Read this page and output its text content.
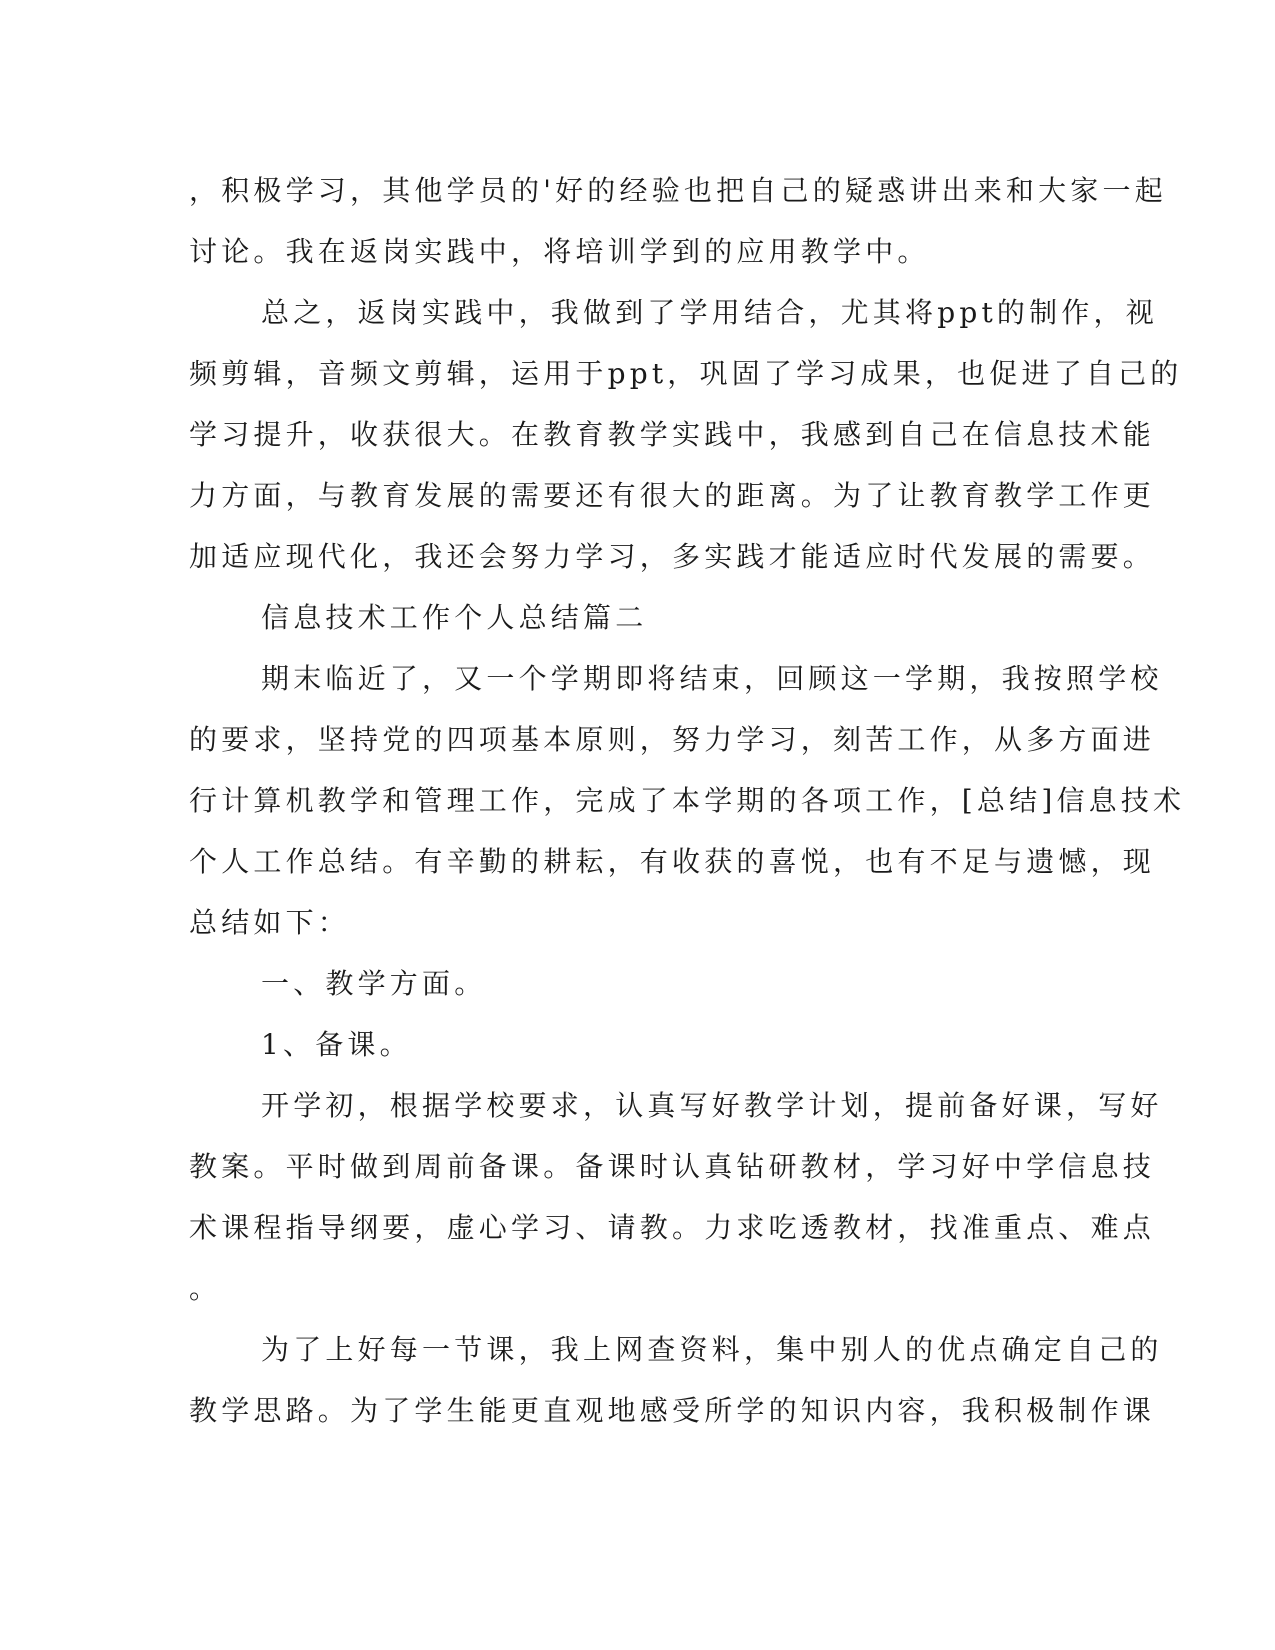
，积极学习，其他学员的'好的经验也把自己的疑惑讲出来和大家一起
讨论。我在返岗实践中，将培训学到的应用教学中。
总之，返岗实践中，我做到了学用结合，尤其将ppt的制作，视
频剪辑，音频文剪辑，运用于ppt，巩固了学习成果，也促进了自己的
学习提升，收获很大。在教育教学实践中，我感到自己在信息技术能
力方面，与教育发展的需要还有很大的距离。为了让教育教学工作更
加适应现代化，我还会努力学习，多实践才能适应时代发展的需要。
信息技术工作个人总结篇二
期末临近了，又一个学期即将结束，回顾这一学期，我按照学校
的要求，坚持党的四项基本原则，努力学习，刻苦工作，从多方面进
行计算机教学和管理工作，完成了本学期的各项工作，[总结]信息技术
个人工作总结。有辛勤的耕耘，有收获的喜悦，也有不足与遗憾，现
总结如下：
一、教学方面。
1、备课。
开学初，根据学校要求，认真写好教学计划，提前备好课，写好
教案。平时做到周前备课。备课时认真钻研教材，学习好中学信息技
术课程指导纲要，虚心学习、请教。力求吃透教材，找准重点、难点
。
为了上好每一节课，我上网查资料，集中别人的优点确定自己的
教学思路。为了学生能更直观地感受所学的知识内容，我积极制作课
